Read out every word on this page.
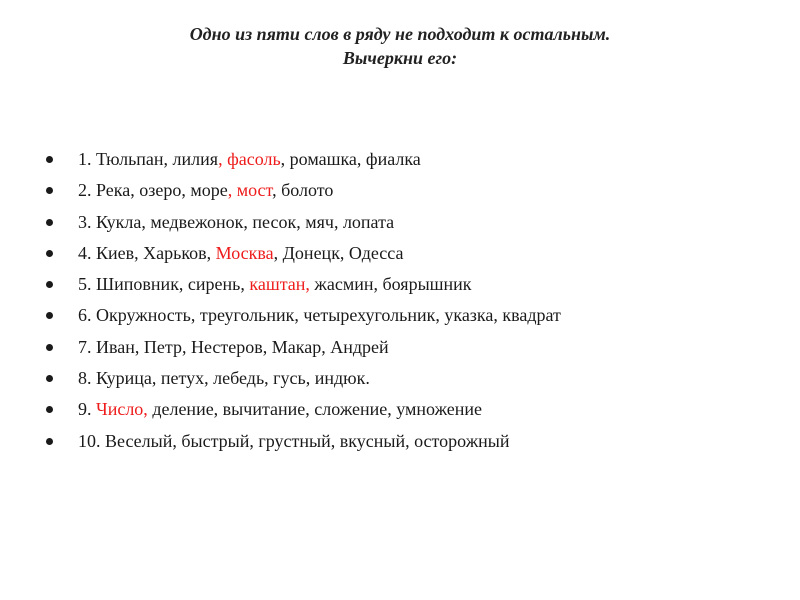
Одно из пяти слов в ряду не подходит к остальным.
Вычеркни его:
1. Тюльпан, лилия, фасоль, ромашка, фиалка
2. Река, озеро, море, мост, болото
3. Кукла, медвежонок, песок, мяч, лопата
4. Киев, Харьков, Москва, Донецк, Одесса
5. Шиповник, сирень, каштан, жасмин, боярышник
6. Окружность, треугольник, четырехугольник, указка, квадрат
7. Иван, Петр, Нестеров, Макар, Андрей
8. Курица, петух, лебедь, гусь, индюк.
9. Число, деление, вычитание, сложение, умножение
10. Веселый, быстрый, грустный, вкусный, осторожный
